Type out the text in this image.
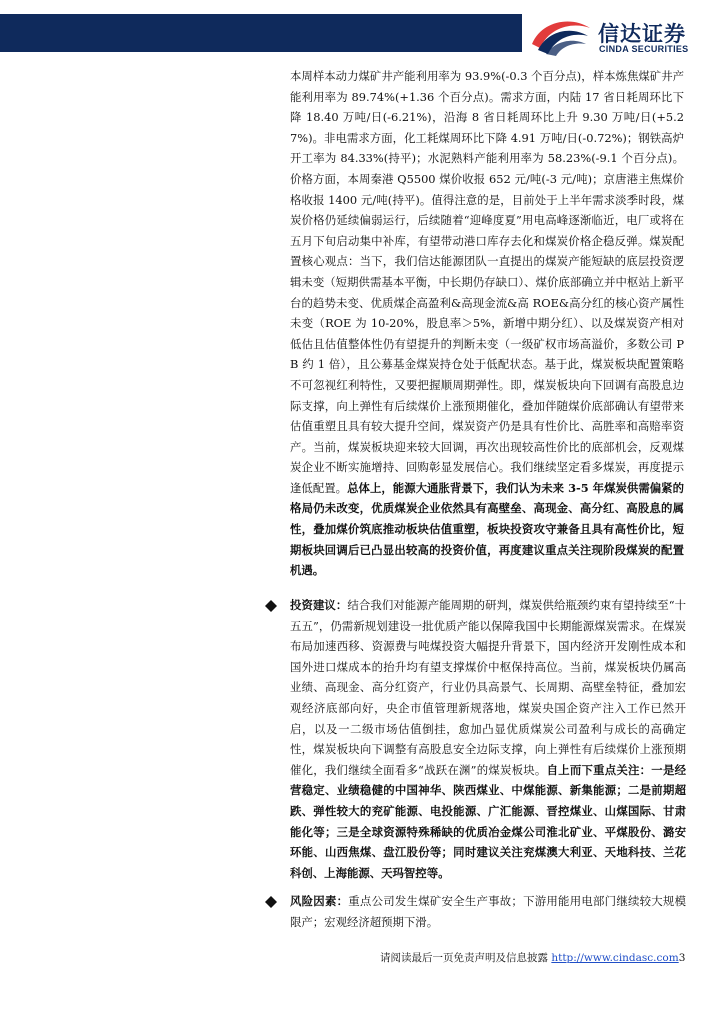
信达证券
CINDA SECURITIES

本周样本动力煤矿井产能利用率为 93.9%(-0.3 个百分点)，样本炼焦煤矿井产能利用率为 89.74%(+1.36 个百分点)。需求方面，内陆 17 省日耗周环比下降 18.40 万吨/日(-6.21%)，沿海 8 省日耗周环比上升 9.30 万吨/日(+5.27%)。非电需求方面，化工耗煤周环比下降 4.91 万吨/日(-0.72%)；钢铁高炉开工率为 84.33%(持平)；水泥熟料产能利用率为 58.23%(-9.1 个百分点)。价格方面，本周秦港 Q5500 煤价收报 652 元/吨(-3 元/吨)；京唐港主焦煤价格收报 1400 元/吨(持平)。值得注意的是，目前处于上半年需求淡季时段，煤炭价格仍延续偏弱运行，后续随着“迎峰度夏”用电高峰逐渐临近，电厂或将在五月下旬启动集中补库，有望带动港口库存去化和煤炭价格企稳反弹。煤炭配置核心观点：当下，我们信达能源团队一直提出的煤炭产能短缺的底层投资逻辑未变（短期供需基本平衡，中长期仍存缺口）、煤价底部确立并中枢站上新平台的趋势未变、优质煤企高盈利&高现金流&高 ROE&高分红的核心资产属性未变（ROE 为 10-20%，股息率＞5%，新增中期分红）、以及煤炭资产相对低估且估值整体性仍有望提升的判断未变（一级矿权市场高溢价，多数公司 PB 约 1 倍），且公募基金煤炭持仓处于低配状态。基于此，煤炭板块配置策略不可忽视红利特性，又要把握顺周期弹性。即，煤炭板块向下回调有高股息边际支撑，向上弹性有后续煤价上涨预期催化，叠加伴随煤价底部确认有望带来估值重塑且具有较大提升空间，煤炭资产仍是具有性价比、高胜率和高赔率资产。当前，煤炭板块迎来较大回调，再次出现较高性价比的底部机会，反观煤炭企业不断实施增持、回购彰显发展信心。我们继续坚定看多煤炭，再度提示逢低配置。总体上，能源大通胀背景下，我们认为未来 3-5 年煤炭供需偏紧的格局仍未改变，优质煤炭企业依然具有高壁垒、高现金、高分红、高股息的属性，叠加煤价筑底推动板块估值重塑，板块投资攻守兼备且具有高性价比，短期板块回调后已凸显出较高的投资价值，再度建议重点关注现阶段煤炭的配置机遇。

投资建议：结合我们对能源产能周期的研判，煤炭供给瓶颈约束有望持续至“十五五”，仍需新规划建设一批优质产能以保障我国中长期能源煤炭需求。在煤炭布局加速西移、资源费与吨煤投资大幅提升背景下，国内经济开发刚性成本和国外进口煤成本的抬升均有望支撑煤价中枢保持高位。当前，煤炭板块仍属高业绩、高现金、高分红资产，行业仍具高景气、长周期、高壁垒特征，叠加宏观经济底部向好，央企市值管理新规落地，煤炭央国企资产注入工作已然开启，以及一二级市场估值倒挂，愈加凸显优质煤炭公司盈利与成长的高确定性，煤炭板块向下调整有高股息安全边际支撑，向上弹性有后续煤价上涨预期催化，我们继续全面看多“战跃在渊”的煤炭板块。自上而下重点关注：一是经营稳定、业绩稳健的中国神华、陕西煤业、中煤能源、新集能源；二是前期超跌、弹性较大的兖矿能源、电投能源、广汇能源、晋控煤业、山煤国际、甘肃能化等；三是全球资源特殊稀缺的优质冶金煤公司淮北矿业、平煤股份、潞安环能、山西焦煤、盘江股份等；同时建议关注兖煤澳大利亚、天地科技、兰花科创、上海能源、天玛智控等。

风险因素：重点公司发生煤矿安全生产事故；下游用能用电部门继续较大规模限产；宏观经济超预期下滑。

请阅读最后一页免责声明及信息披露 http://www.cindasc.com3
